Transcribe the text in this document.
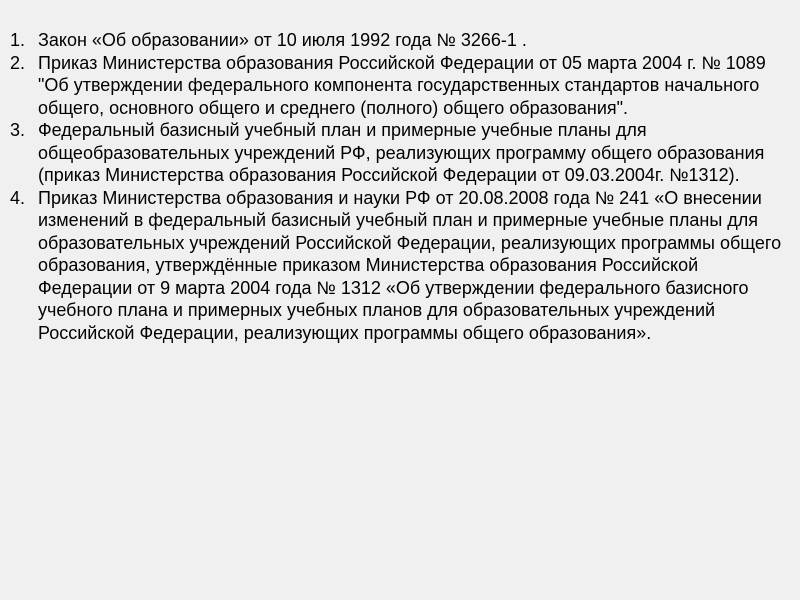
1. Закон «Об образовании» от 10 июля 1992 года № 3266-1 .
2. Приказ Министерства образования Российской Федерации от 05 марта 2004 г. № 1089 "Об утверждении федерального компонента государственных стандартов начального общего, основного общего и среднего (полного) общего образования".
3. Федеральный базисный учебный план и примерные учебные планы для общеобразовательных учреждений РФ, реализующих программу общего образования (приказ Министерства образования Российской Федерации от 09.03.2004г. №1312).
4. Приказ Министерства образования и науки РФ от 20.08.2008 года № 241 «О внесении изменений в федеральный базисный учебный план и примерные учебные планы для образовательных учреждений Российской Федерации, реализующих программы общего образования, утверждённые приказом Министерства образования Российской Федерации от 9 марта 2004 года № 1312 «Об утверждении федерального базисного учебного плана и примерных учебных планов для образовательных учреждений Российской Федерации, реализующих программы общего образования».
